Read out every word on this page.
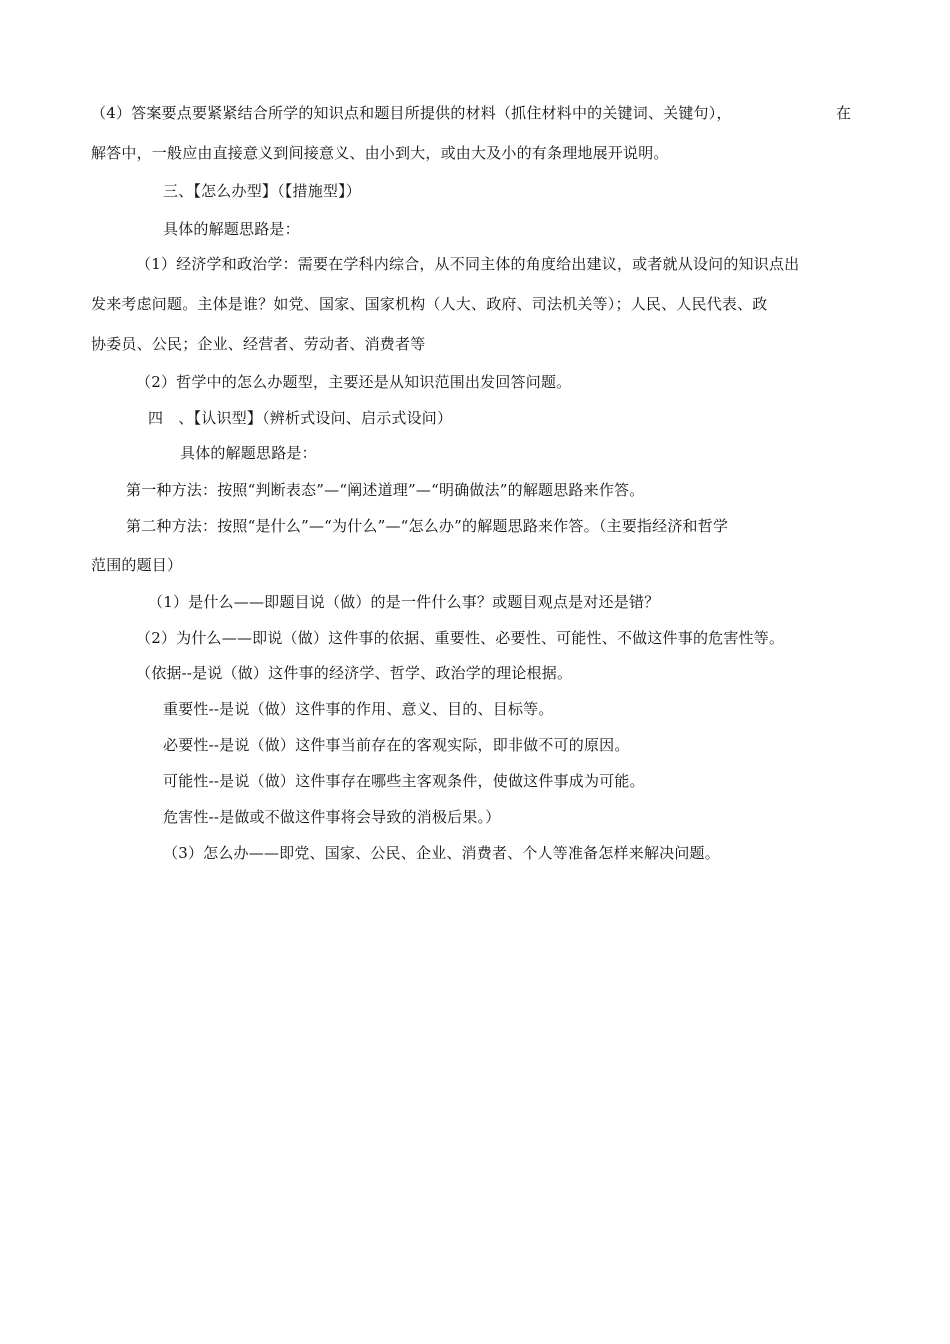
（4）答案要点要紧紧结合所学的知识点和题目所提供的材料（抓住材料中的关键词、关键句），	在
解答中，一般应由直接意义到间接意义、由小到大，或由大及小的有条理地展开说明。
三、【怎么办型】（【措施型】）
具体的解题思路是：
（1）经济学和政治学：需要在学科内综合，从不同主体的角度给出建议，或者就从设问的知识点出
发来考虑问题。主体是谁？如党、国家、国家机构（人大、政府、司法机关等）；人民、人民代表、政
协委员、公民；企业、经营者、劳动者、消费者等
（2）哲学中的怎么办题型，主要还是从知识范围出发回答问题。
四　、【认识型】（辨析式设问、启示式设问）
具体的解题思路是：
第一种方法：按照“判断表态”—“阐述道理”—“明确做法”的解题思路来作答。
第二种方法：按照“是什么”—“为什么”—“怎么办”的解题思路来作答。（主要指经济和哲学
范围的题目）
（1）是什么——即题目说（做）的是一件什么事？或题目观点是对还是错？
（2）为什么——即说（做）这件事的依据、重要性、必要性、可能性、不做这件事的危害性等。
（依据--是说（做）这件事的经济学、哲学、政治学的理论根据。
重要性--是说（做）这件事的作用、意义、目的、目标等。
必要性--是说（做）这件事当前存在的客观实际，即非做不可的原因。
可能性--是说（做）这件事存在哪些主客观条件，使做这件事成为可能。
危害性--是做或不做这件事将会导致的消极后果。）
（3）怎么办——即党、国家、公民、企业、消费者、个人等准备怎样来解决问题。
